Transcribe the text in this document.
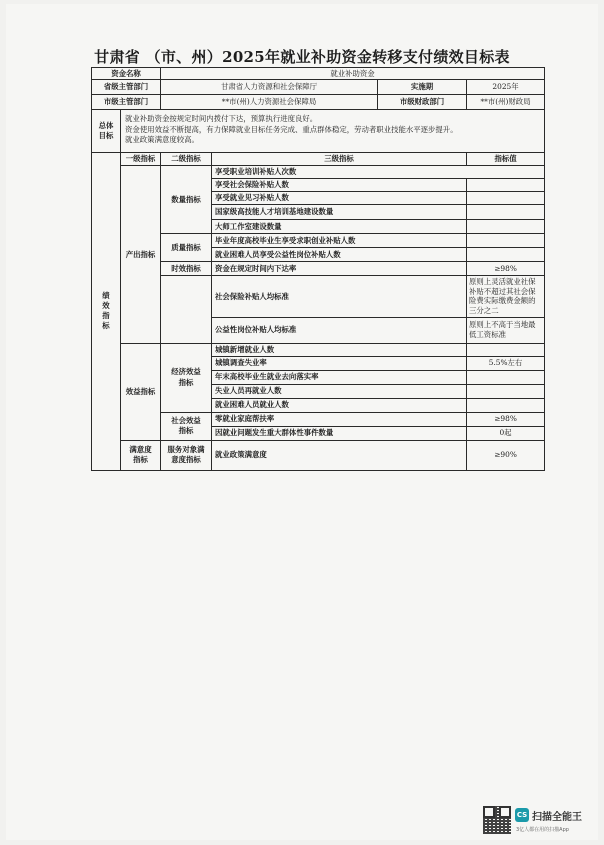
甘肃省 （市、州）2025年就业补助资金转移支付绩效目标表
资金名称		就业补助资金			
省级主管部门		甘肃省人力资源和社会保障厅		实施期	2025年
市级主管部门		**市(州)人力资源社会保障局		市级财政部门	**市(州)财政局
总体目标	就业补助资金按规定时间内拨付下达，预算执行进度良好。
资金使用效益不断提高，有力保障就业目标任务完成、重点群体稳定，劳动者职业技能水平逐步提升。
就业政策满意度较高。				

绩效指标	一级指标	二级指标	三级指标		指标值
	产出指标	数量指标	享受职业培训补贴人次数		
			享受社会保险补贴人数		
			享受就业见习补贴人数		
			国家级高技能人才培训基地建设数量		
			大师工作室建设数量		
		质量指标	毕业年度高校毕业生享受求职创业补贴人数		
			就业困难人员享受公益性岗位补贴人数		
		时效指标	资金在规定时间内下达率		≥98%
			社会保险补贴人均标准		原则上灵活就业社保补贴不超过其社会保险费实际缴费金额的三分之二
			公益性岗位补贴人均标准		原则上不高于当地最低工资标准

	效益指标	经济效益指标	城镇新增就业人数		
			城镇调查失业率		5.5%左右
			年末高校毕业生就业去向落实率		
			失业人员再就业人数		
			就业困难人员就业人数		
		社会效益指标	零就业家庭帮扶率		≥98%
			因就业问题发生重大群体性事件数量		0起
	满意度指标	服务对象满意度指标	就业政策满意度		≥90%
CS 扫描全能王
3亿人都在用的扫描App
